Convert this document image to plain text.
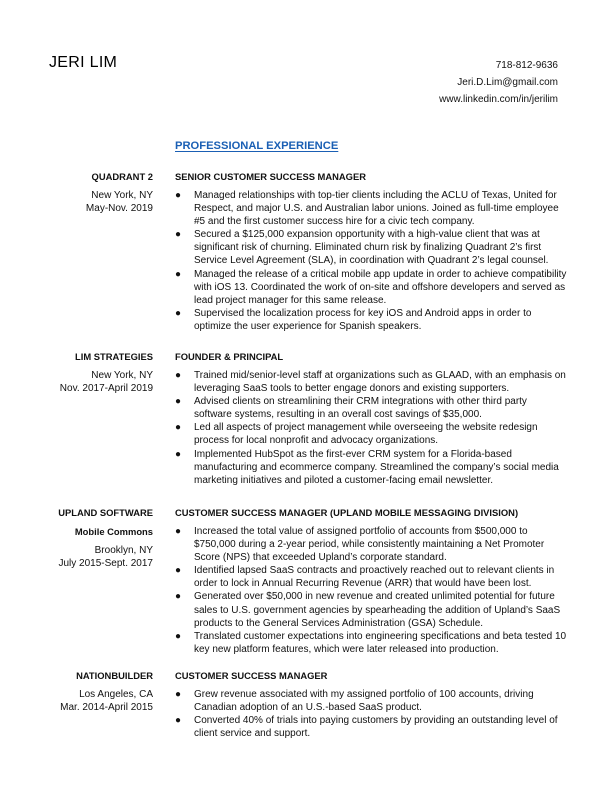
JERI LIM	718-812-9636
Jeri.D.Lim@gmail.com
www.linkedin.com/in/jerilim
PROFESSIONAL EXPERIENCE
QUADRANT 2
New York, NY
May-Nov. 2019
SENIOR CUSTOMER SUCCESS MANAGER
● Managed relationships with top-tier clients including the ACLU of Texas, United for Respect, and major U.S. and Australian labor unions. Joined as full-time employee #5 and the first customer success hire for a civic tech company.
● Secured a $125,000 expansion opportunity with a high-value client that was at significant risk of churning. Eliminated churn risk by finalizing Quadrant 2’s first Service Level Agreement (SLA), in coordination with Quadrant 2’s legal counsel.
● Managed the release of a critical mobile app update in order to achieve compatibility with iOS 13. Coordinated the work of on-site and offshore developers and served as lead project manager for this same release.
● Supervised the localization process for key iOS and Android apps in order to optimize the user experience for Spanish speakers.
LIM STRATEGIES
New York, NY
Nov. 2017-April 2019
FOUNDER & PRINCIPAL
● Trained mid/senior-level staff at organizations such as GLAAD, with an emphasis on leveraging SaaS tools to better engage donors and existing supporters.
● Advised clients on streamlining their CRM integrations with other third party software systems, resulting in an overall cost savings of $35,000.
● Led all aspects of project management while overseeing the website redesign process for local nonprofit and advocacy organizations.
● Implemented HubSpot as the first-ever CRM system for a Florida-based manufacturing and ecommerce company. Streamlined the company’s social media marketing initiatives and piloted a customer-facing email newsletter.
UPLAND SOFTWARE
Mobile Commons
Brooklyn, NY
July 2015-Sept. 2017
CUSTOMER SUCCESS MANAGER (UPLAND MOBILE MESSAGING DIVISION)
● Increased the total value of assigned portfolio of accounts from $500,000 to $750,000 during a 2-year period, while consistently maintaining a Net Promoter Score (NPS) that exceeded Upland’s corporate standard.
● Identified lapsed SaaS contracts and proactively reached out to relevant clients in order to lock in Annual Recurring Revenue (ARR) that would have been lost.
● Generated over $50,000 in new revenue and created unlimited potential for future sales to U.S. government agencies by spearheading the addition of Upland’s SaaS products to the General Services Administration (GSA) Schedule.
● Translated customer expectations into engineering specifications and beta tested 10 key new platform features, which were later released into production.
NATIONBUILDER
Los Angeles, CA
Mar. 2014-April 2015
CUSTOMER SUCCESS MANAGER
● Grew revenue associated with my assigned portfolio of 100 accounts, driving Canadian adoption of an U.S.-based SaaS product.
● Converted 40% of trials into paying customers by providing an outstanding level of client service and support.
